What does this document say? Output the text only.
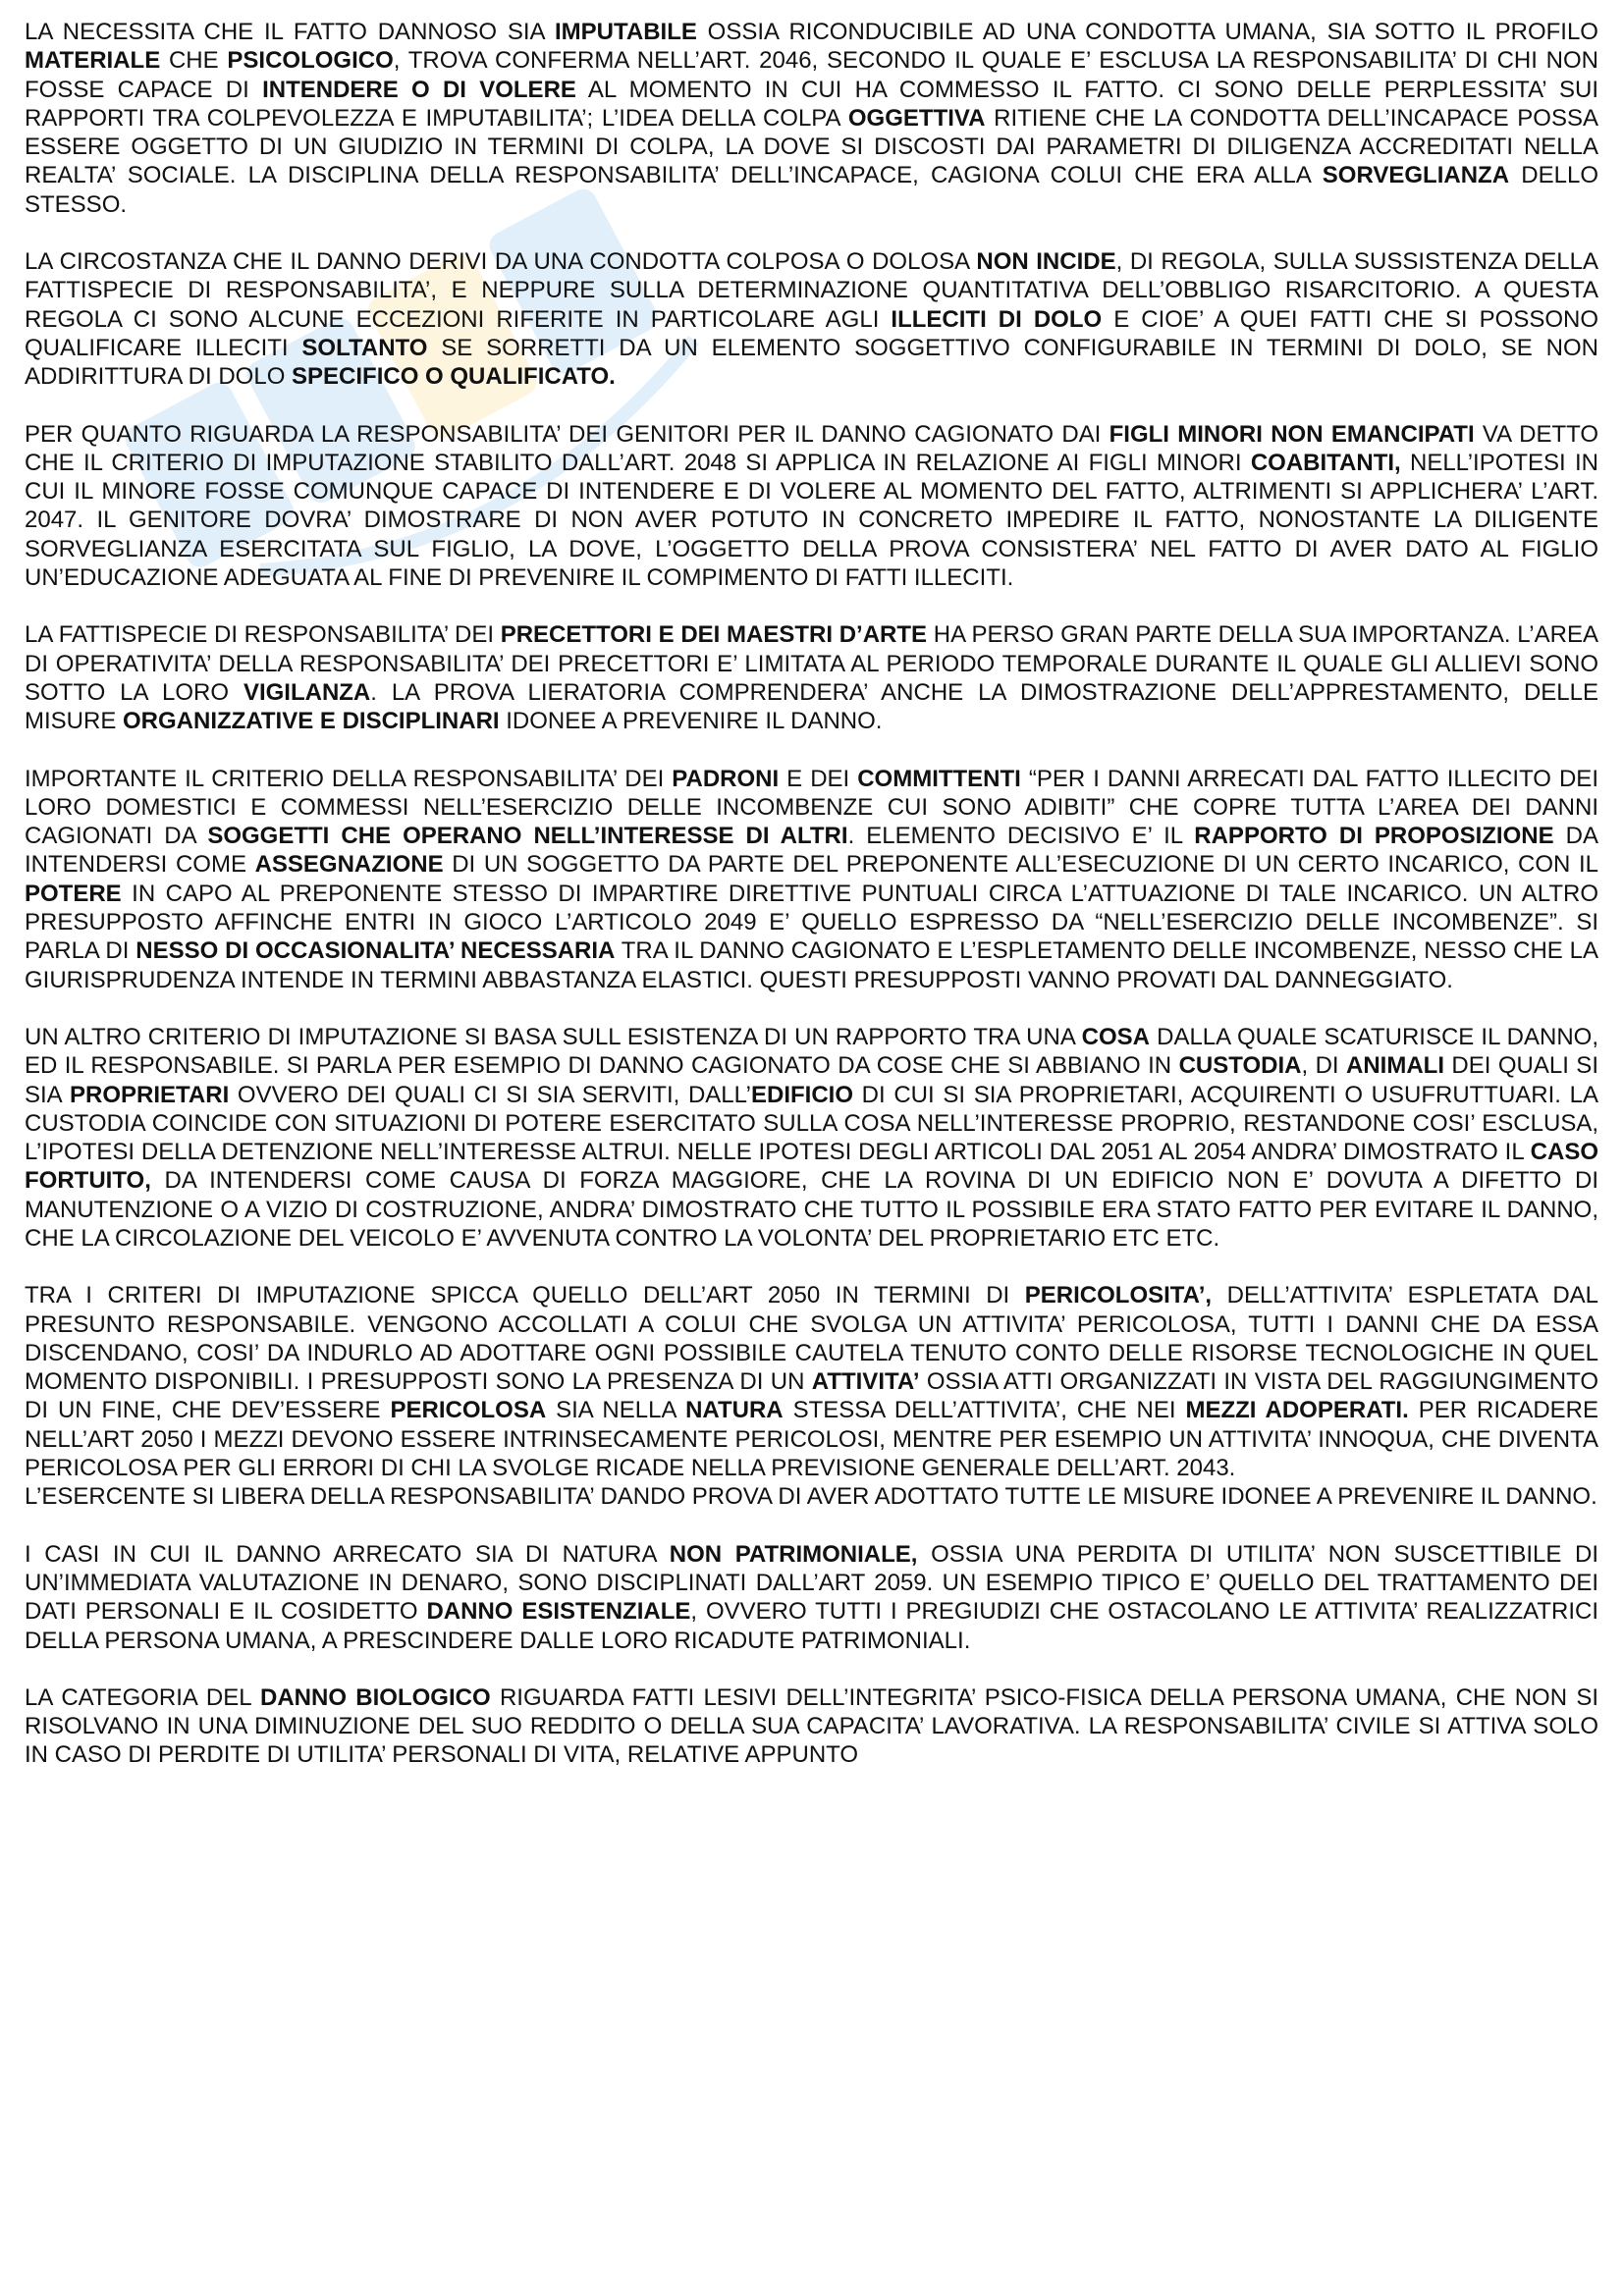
LA NECESSITA CHE IL FATTO DANNOSO SIA IMPUTABILE OSSIA RICONDUCIBILE AD UNA CONDOTTA UMANA, SIA SOTTO IL PROFILO MATERIALE CHE PSICOLOGICO, TROVA CONFERMA NELL’ART. 2046, SECONDO IL QUALE E’ ESCLUSA LA RESPONSABILITA’ DI CHI NON FOSSE CAPACE DI INTENDERE O DI VOLERE AL MOMENTO IN CUI HA COMMESSO IL FATTO. CI SONO DELLE PERPLESSITA’ SUI RAPPORTI TRA COLPEVOLEZZA E IMPUTABILITA’; L’IDEA DELLA COLPA OGGETTIVA RITIENE CHE LA CONDOTTA DELL’INCAPACE POSSA ESSERE OGGETTO DI UN GIUDIZIO IN TERMINI DI COLPA, LA DOVE SI DISCOSTI DAI PARAMETRI DI DILIGENZA ACCREDITATI NELLA REALTA’ SOCIALE. LA DISCIPLINA DELLA RESPONSABILITA’ DELL’INCAPACE, CAGIONA COLUI CHE ERA ALLA SORVEGLIANZA DELLO STESSO.

LA CIRCOSTANZA CHE IL DANNO DERIVI DA UNA CONDOTTA COLPOSA O DOLOSA NON INCIDE, DI REGOLA, SULLA SUSSISTENZA DELLA FATTISPECIE DI RESPONSABILITA’, E NEPPURE SULLA DETERMINAZIONE QUANTITATIVA DELL’OBBLIGO RISARCITORIO. A QUESTA REGOLA CI SONO ALCUNE ECCEZIONI RIFERITE IN PARTICOLARE AGLI ILLECITI DI DOLO E CIOE’ A QUEI FATTI CHE SI POSSONO QUALIFICARE ILLECITI SOLTANTO SE SORRETTI DA UN ELEMENTO SOGGETTIVO CONFIGURABILE IN TERMINI DI DOLO, SE NON ADDIRITTURA DI DOLO SPECIFICO O QUALIFICATO.

PER QUANTO RIGUARDA LA RESPONSABILITA’ DEI GENITORI PER IL DANNO CAGIONATO DAI FIGLI MINORI NON EMANCIPATI VA DETTO CHE IL CRITERIO DI IMPUTAZIONE STABILITO DALL’ART. 2048 SI APPLICA IN RELAZIONE AI FIGLI MINORI COABITANTI, NELL’IPOTESI IN CUI IL MINORE FOSSE COMUNQUE CAPACE DI INTENDERE E DI VOLERE AL MOMENTO DEL FATTO, ALTRIMENTI SI APPLICHERA’ L’ART. 2047. IL GENITORE DOVRA’ DIMOSTRARE DI NON AVER POTUTO IN CONCRETO IMPEDIRE IL FATTO, NONOSTANTE LA DILIGENTE SORVEGLIANZA ESERCITATA SUL FIGLIO, LA DOVE, L’OGGETTO DELLA PROVA CONSISTERA’ NEL FATTO DI AVER DATO AL FIGLIO UN’EDUCAZIONE ADEGUATA AL FINE DI PREVENIRE IL COMPIMENTO DI FATTI ILLECITI.

LA FATTISPECIE DI RESPONSABILITA’ DEI PRECETTORI E DEI MAESTRI D’ARTE HA PERSO GRAN PARTE DELLA SUA IMPORTANZA. L’AREA DI OPERATIVITA’ DELLA RESPONSABILITA’ DEI PRECETTORI E’ LIMITATA AL PERIODO TEMPORALE DURANTE IL QUALE GLI ALLIEVI SONO SOTTO LA LORO VIGILANZA. LA PROVA LIERATORIA COMPRENDERA’ ANCHE LA DIMOSTRAZIONE DELL’APPRESTAMENTO, DELLE MISURE ORGANIZZATIVE E DISCIPLINARI IDONEE A PREVENIRE IL DANNO.

IMPORTANTE IL CRITERIO DELLA RESPONSABILITA’ DEI PADRONI E DEI COMMITTENTI “PER I DANNI ARRECATI DAL FATTO ILLECITO DEI LORO DOMESTICI E COMMESSI NELL’ESERCIZIO DELLE INCOMBENZE CUI SONO ADIBITI” CHE COPRE TUTTA L’AREA DEI DANNI CAGIONATI DA SOGGETTI CHE OPERANO NELL’INTERESSE DI ALTRI. ELEMENTO DECISIVO E’ IL RAPPORTO DI PROPOSIZIONE DA INTENDERSI COME ASSEGNAZIONE DI UN SOGGETTO DA PARTE DEL PREPONENTE ALL’ESECUZIONE DI UN CERTO INCARICO, CON IL POTERE IN CAPO AL PREPONENTE STESSO DI IMPARTIRE DIRETTIVE PUNTUALI CIRCA L’ATTUAZIONE DI TALE INCARICO. UN ALTRO PRESUPPOSTO AFFINCHE ENTRI IN GIOCO L’ARTICOLO 2049 E’ QUELLO ESPRESSO DA “NELL’ESERCIZIO DELLE INCOMBENZE”. SI PARLA DI NESSO DI OCCASIONALITA’ NECESSARIA TRA IL DANNO CAGIONATO E L’ESPLETAMENTO DELLE INCOMBENZE, NESSO CHE LA GIURISPRUDENZA INTENDE IN TERMINI ABBASTANZA ELASTICI. QUESTI PRESUPPOSTI VANNO PROVATI DAL DANNEGGIATO.

UN ALTRO CRITERIO DI IMPUTAZIONE SI BASA SULL ESISTENZA DI UN RAPPORTO TRA UNA COSA DALLA QUALE SCATURISCE IL DANNO, ED IL RESPONSABILE. SI PARLA PER ESEMPIO DI DANNO CAGIONATO DA COSE CHE SI ABBIANO IN CUSTODIA, DI ANIMALI DEI QUALI SI SIA PROPRIETARI OVVERO DEI QUALI CI SI SIA SERVITI, DALL’EDIFICIO DI CUI SI SIA PROPRIETARI, ACQUIRENTI O USUFRUTTUARI. LA CUSTODIA COINCIDE CON SITUAZIONI DI POTERE ESERCITATO SULLA COSA NELL’INTERESSE PROPRIO, RESTANDONE COSI’ ESCLUSA, L’IPOTESI DELLA DETENZIONE NELL’INTERESSE ALTRUI. NELLE IPOTESI DEGLI ARTICOLI DAL 2051 AL 2054 ANDRA’ DIMOSTRATO IL CASO FORTUITO, DA INTENDERSI COME CAUSA DI FORZA MAGGIORE, CHE LA ROVINA DI UN EDIFICIO NON E’ DOVUTA A DIFETTO DI MANUTENZIONE O A VIZIO DI COSTRUZIONE, ANDRA’ DIMOSTRATO CHE TUTTO IL POSSIBILE ERA STATO FATTO PER EVITARE IL DANNO, CHE LA CIRCOLAZIONE DEL VEICOLO E’ AVVENUTA CONTRO LA VOLONTA’ DEL PROPRIETARIO ETC ETC.

TRA I CRITERI DI IMPUTAZIONE SPICCA QUELLO DELL’ART 2050 IN TERMINI DI PERICOLOSITA’, DELL’ATTIVITA’ ESPLETATA DAL PRESUNTO RESPONSABILE. VENGONO ACCOLLATI A COLUI CHE SVOLGA UN ATTIVITA’ PERICOLOSA, TUTTI I DANNI CHE DA ESSA DISCENDANO, COSI’ DA INDURLO AD ADOTTARE OGNI POSSIBILE CAUTELA TENUTO CONTO DELLE RISORSE TECNOLOGICHE IN QUEL MOMENTO DISPONIBILI. I PRESUPPOSTI SONO LA PRESENZA DI UN ATTIVITA’ OSSIA ATTI ORGANIZZATI IN VISTA DEL RAGGIUNGIMENTO DI UN FINE, CHE DEV’ESSERE PERICOLOSA SIA NELLA NATURA STESSA DELL’ATTIVITA’, CHE NEI MEZZI ADOPERATI. PER RICADERE NELL’ART 2050 I MEZZI DEVONO ESSERE INTRINSECAMENTE PERICOLOSI, MENTRE PER ESEMPIO UN ATTIVITA’ INNOQUA, CHE DIVENTA PERICOLOSA PER GLI ERRORI DI CHI LA SVOLGE RICADE NELLA PREVISIONE GENERALE DELL’ART. 2043.
L’ESERCENTE SI LIBERA DELLA RESPONSABILITA’ DANDO PROVA DI AVER ADOTTATO TUTTE LE MISURE IDONEE A PREVENIRE IL DANNO.

I CASI IN CUI IL DANNO ARRECATO SIA DI NATURA NON PATRIMONIALE, OSSIA UNA PERDITA DI UTILITA’ NON SUSCETTIBILE DI UN’IMMEDIATA VALUTAZIONE IN DENARO, SONO DISCIPLINATI DALL’ART 2059. UN ESEMPIO TIPICO E’ QUELLO DEL TRATTAMENTO DEI DATI PERSONALI E IL COSIDETTO DANNO ESISTENZIALE, OVVERO TUTTI I PREGIUDIZI CHE OSTACOLANO LE ATTIVITA’ REALIZZATRICI DELLA PERSONA UMANA, A PRESCINDERE DALLE LORO RICADUTE PATRIMONIALI.

LA CATEGORIA DEL DANNO BIOLOGICO RIGUARDA FATTI LESIVI DELL’INTEGRITA’ PSICO-FISICA DELLA PERSONA UMANA, CHE NON SI RISOLVANO IN UNA DIMINUZIONE DEL SUO REDDITO O DELLA SUA CAPACITA’ LAVORATIVA. LA RESPONSABILITA’ CIVILE SI ATTIVA SOLO IN CASO DI PERDITE DI UTILITA’ PERSONALI DI VITA, RELATIVE APPUNTO
